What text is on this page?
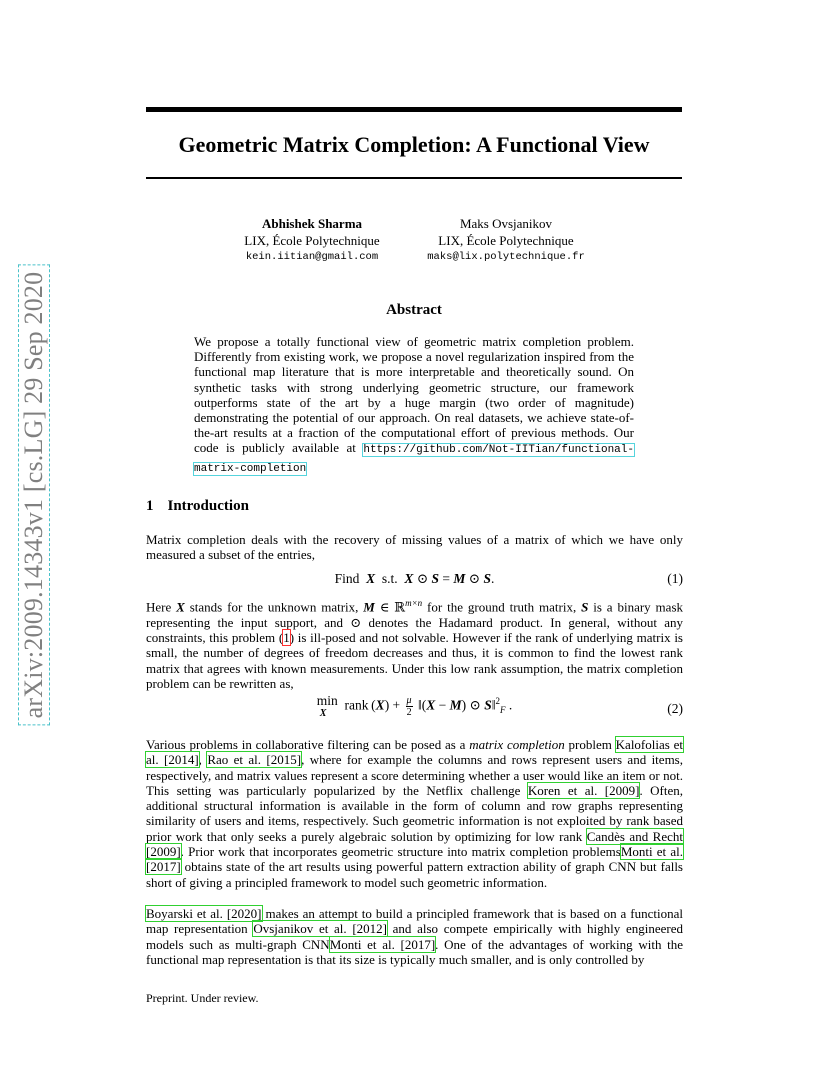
arXiv:2009.14343v1 [cs.LG] 29 Sep 2020
Geometric Matrix Completion: A Functional View
Abhishek Sharma
LIX, École Polytechnique
kein.iitian@gmail.com
Maks Ovsjanikov
LIX, École Polytechnique
maks@lix.polytechnique.fr
Abstract
We propose a totally functional view of geometric matrix completion problem. Differently from existing work, we propose a novel regularization inspired from the functional map literature that is more interpretable and theoretically sound. On synthetic tasks with strong underlying geometric structure, our framework outperforms state of the art by a huge margin (two order of magnitude) demonstrating the potential of our approach. On real datasets, we achieve state-of-the-art results at a fraction of the computational effort of previous methods. Our code is publicly available at https://github.com/Not-IITian/functional-matrix-completion
1 Introduction
Matrix completion deals with the recovery of missing values of a matrix of which we have only measured a subset of the entries,
Find X s.t. X ⊙ S = M ⊙ S.	(1)
Here X stands for the unknown matrix, M ∈ ℝ$^{m\times n}$ for the ground truth matrix, S is a binary mask representing the input support, and ⊙ denotes the Hadamard product. In general, without any constraints, this problem (1) is ill-posed and not solvable. However if the rank of underlying matrix is small, the number of degrees of freedom decreases and thus, it is common to find the lowest rank matrix that agrees with known measurements. Under this low rank assumption, the matrix completion problem can be rewritten as,
min
X
rank $(X) + \frac{\mu}{2}$ ‖(X − M) ⊙ S‖$^2_F$ .	(2)
Various problems in collaborative filtering can be posed as a matrix completion problem Kalofolias et al. [2014], Rao et al. [2015], where for example the columns and rows represent users and items, respectively, and matrix values represent a score determining whether a user would like an item or not. This setting was particularly popularized by the Netflix challenge Koren et al. [2009]. Often, additional structural information is available in the form of column and row graphs representing similarity of users and items, respectively. Such geometric information is not exploited by rank based prior work that only seeks a purely algebraic solution by optimizing for low rank Candès and Recht [2009]. Prior work that incorporates geometric structure into matrix completion problemsMonti et al. [2017] obtains state of the art results using powerful pattern extraction ability of graph CNN but falls short of giving a principled framework to model such geometric information.
Boyarski et al. [2020] makes an attempt to build a principled framework that is based on a functional map representation Ovsjanikov et al. [2012] and also compete empirically with highly engineered models such as multi-graph CNNMonti et al. [2017]. One of the advantages of working with the functional map representation is that its size is typically much smaller, and is only controlled by
Preprint. Under review.
